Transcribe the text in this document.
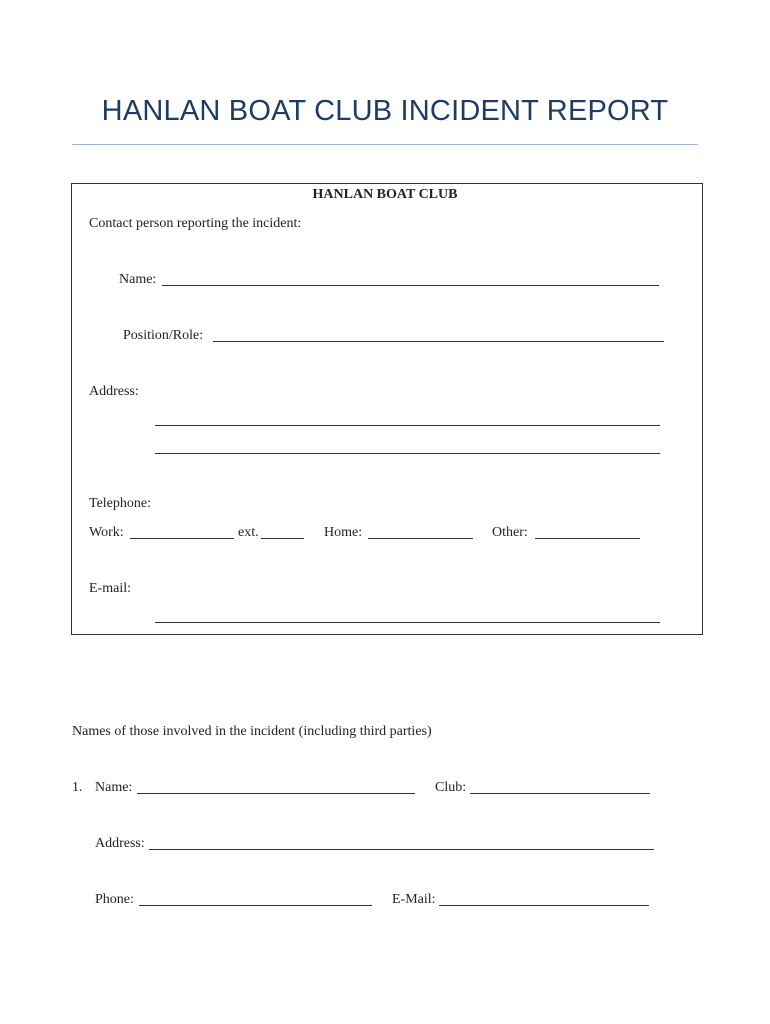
HANLAN BOAT CLUB INCIDENT REPORT
HANLAN BOAT CLUB
Contact person reporting the incident:
Name:
Position/Role:
Address:
Telephone:
Work:	ext.	Home:	Other:
E-mail:
Names of those involved in the incident (including third parties)
1. Name:	Club:
Address:
Phone:	E-Mail:
